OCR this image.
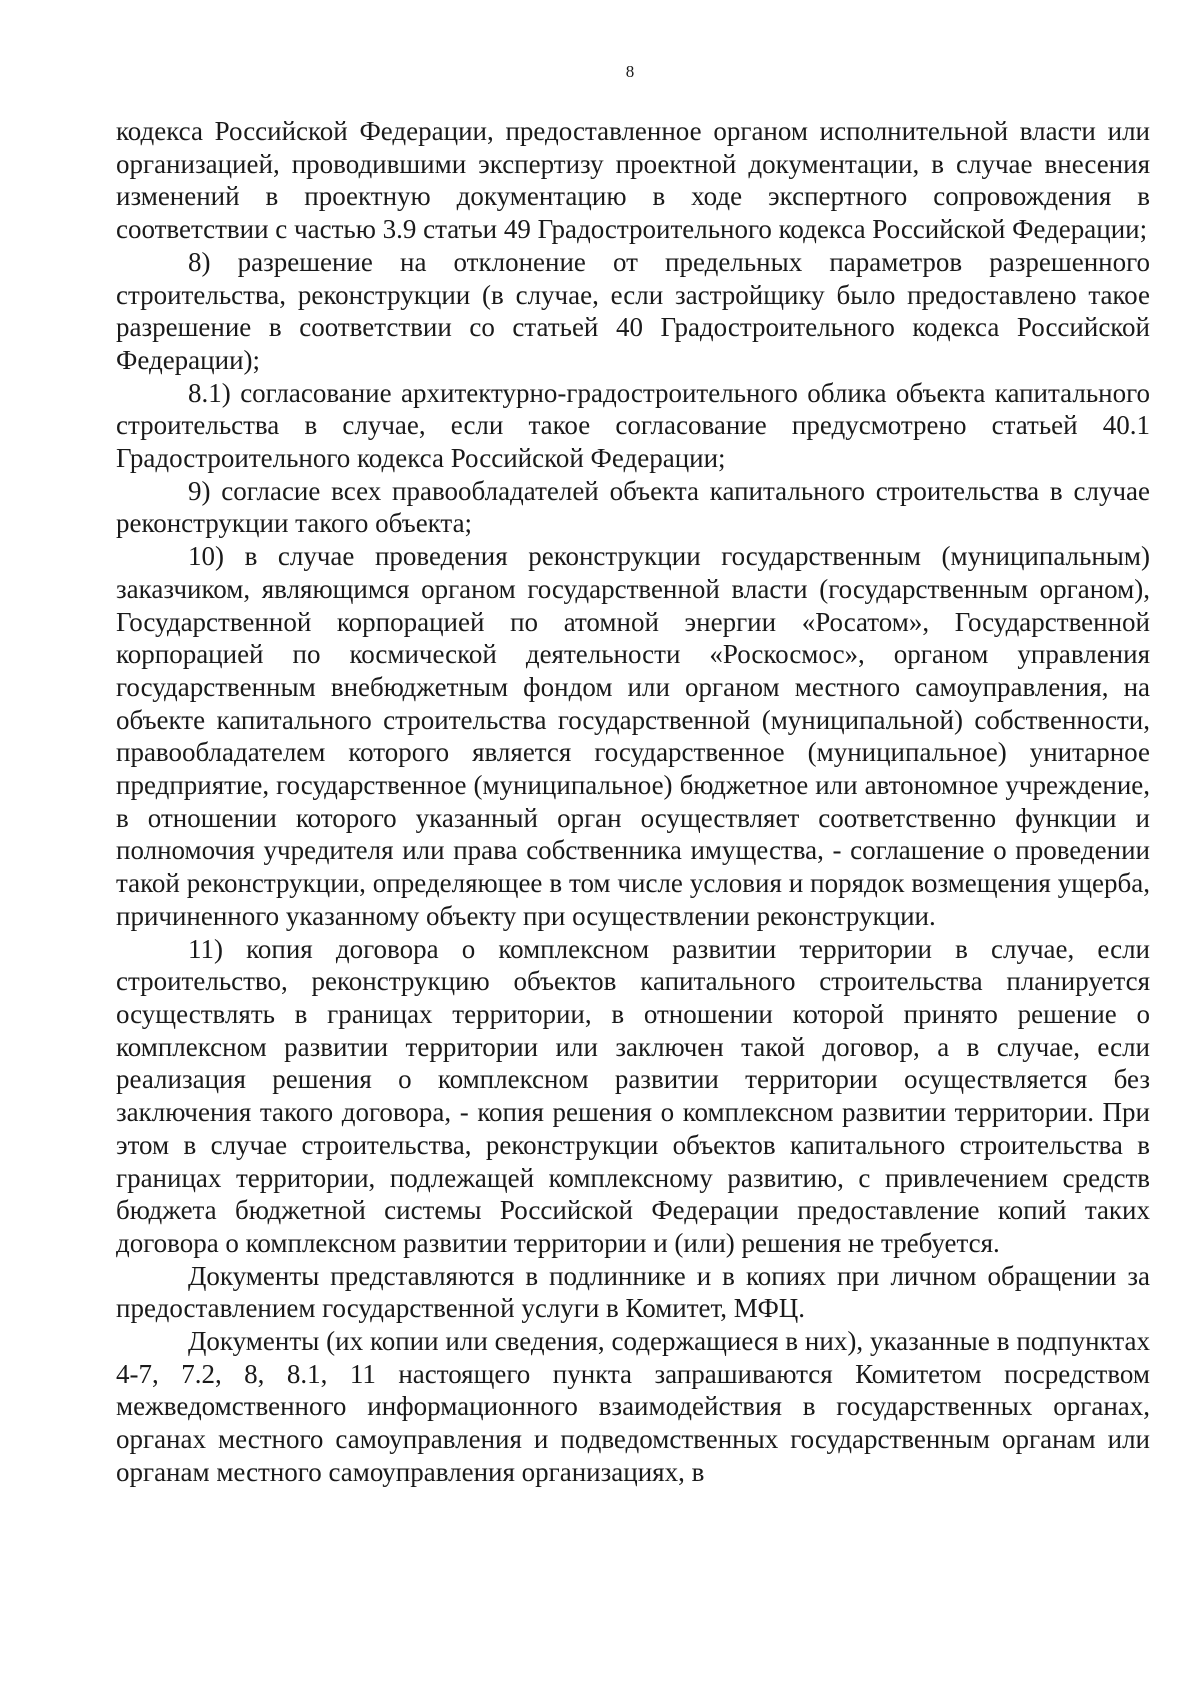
8

кодекса Российской Федерации, предоставленное органом исполнительной власти или организацией, проводившими экспертизу проектной документации, в случае внесения изменений в проектную документацию в ходе экспертного сопровождения в соответствии с частью 3.9 статьи 49 Градостроительного кодекса Российской Федерации;

8) разрешение на отклонение от предельных параметров разрешенного строительства, реконструкции (в случае, если застройщику было предоставлено такое разрешение в соответствии со статьей 40 Градостроительного кодекса Российской Федерации);

8.1) согласование архитектурно-градостроительного облика объекта капитального строительства в случае, если такое согласование предусмотрено статьей 40.1 Градостроительного кодекса Российской Федерации;

9) согласие всех правообладателей объекта капитального строительства в случае реконструкции такого объекта;

10) в случае проведения реконструкции государственным (муниципальным) заказчиком, являющимся органом государственной власти (государственным органом), Государственной корпорацией по атомной энергии «Росатом», Государственной корпорацией по космической деятельности «Роскосмос», органом управления государственным внебюджетным фондом или органом местного самоуправления, на объекте капитального строительства государственной (муниципальной) собственности, правообладателем которого является государственное (муниципальное) унитарное предприятие, государственное (муниципальное) бюджетное или автономное учреждение, в отношении которого указанный орган осуществляет соответственно функции и полномочия учредителя или права собственника имущества, - соглашение о проведении такой реконструкции, определяющее в том числе условия и порядок возмещения ущерба, причиненного указанному объекту при осуществлении реконструкции.

11) копия договора о комплексном развитии территории в случае, если строительство, реконструкцию объектов капитального строительства планируется осуществлять в границах территории, в отношении которой принято решение о комплексном развитии территории или заключен такой договор, а в случае, если реализация решения о комплексном развитии территории осуществляется без заключения такого договора, - копия решения о комплексном развитии территории. При этом в случае строительства, реконструкции объектов капитального строительства в границах территории, подлежащей комплексному развитию, с привлечением средств бюджета бюджетной системы Российской Федерации предоставление копий таких договора о комплексном развитии территории и (или) решения не требуется.

Документы представляются в подлиннике и в копиях при личном обращении за предоставлением государственной услуги в Комитет, МФЦ.

Документы (их копии или сведения, содержащиеся в них), указанные в подпунктах 4-7, 7.2, 8, 8.1, 11 настоящего пункта запрашиваются Комитетом посредством межведомственного информационного взаимодействия в государственных органах, органах местного самоуправления и подведомственных государственным органам или органам местного самоуправления организациях, в
